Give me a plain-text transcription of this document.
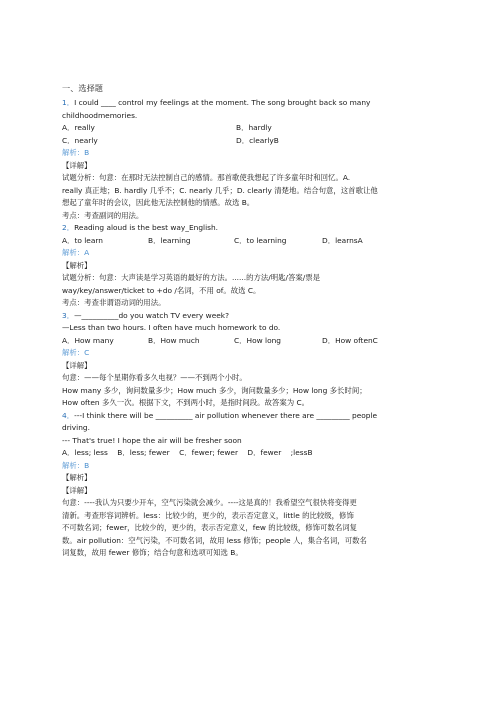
一、选择题
1．I could ____ control my feelings at the moment. The song brought back so many
childhoodmemories.
A．really	B．hardly
C．nearly	D．clearlyB
解析：B
【详解】
试题分析：句意：在那时无法控制自己的感情。那首歌使我想起了许多童年时和回忆。A.
really 真正地；B. hardly 几乎不；C. nearly 几乎；D. clearly 清楚地。结合句意，这首歌让他
想起了童年时的会议，因此他无法控制他的情感。故选 B。
考点：考查副词的用法。
2．Reading aloud is the best way_English.
A．to learn	B．learning	C．to learning	D．learnsA
解析：A
【解析】
试题分析：句意：大声读是学习英语的最好的方法。......的方法/明匙/答案/票是
way/key/answer/ticket to +do /名词，不用 of。故选 C。
考点：考查非谓语动词的用法。
3．—__________do you watch TV every week?
—Less than two hours. I often have much homework to do.
A．How many	B．How much	C．How long	D．How oftenC
解析：C
【详解】
句意：——每个星期你看多久电视？——不到两个小时。
How many 多少，询问数量多少；How much 多少，询问数量多少；How long 多长时间；
How often 多久一次。根据下文，不到两小时，是指时间段。故答案为 C。
4．---I think there will be __________ air pollution whenever there are _________ people
driving.
--- That's true! I hope the air will be fresher soon
A．less; less    B．less; fewer    C．fewer; fewer    D．fewer    ;lessB
解析：B
【解析】
【详解】
句意：----我认为只要少开车，空气污染就会减少。----这是真的！我希望空气很快将变得更
清新。考查形容词辨析。less：比较少的，更少的，表示否定意义，little 的比较级，修饰
不可数名词；fewer，比较少的，更少的，表示否定意义，few 的比较级，修饰可数名词复
数。air pollution：空气污染，不可数名词，故用 less 修饰；people 人，集合名词，可数名
词复数，故用 fewer 修饰；结合句意和选项可知选 B。
